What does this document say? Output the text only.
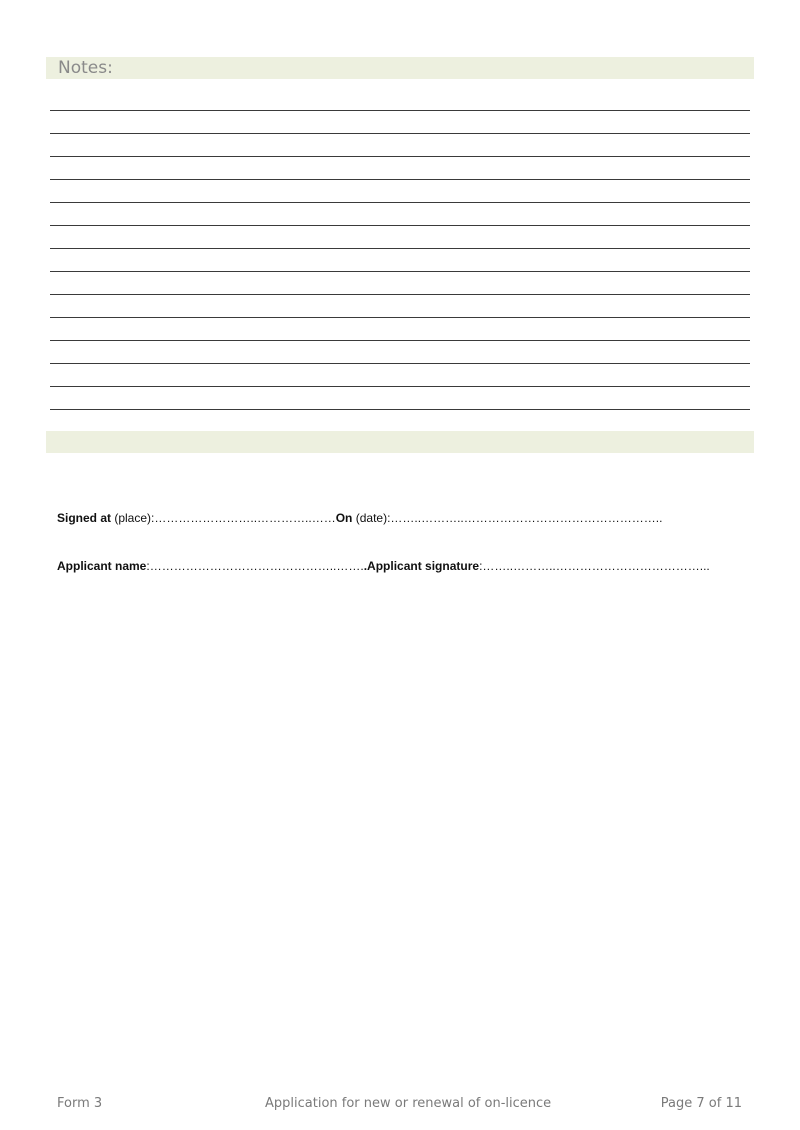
Notes:
Signed at (place):……………………..…………..……On (date):……..………..…………………………………………..
Applicant name:………………………………………..……..Applicant signature:……..………..………………………………...
Form 3	Application for new or renewal of on-licence	Page 7 of 11
